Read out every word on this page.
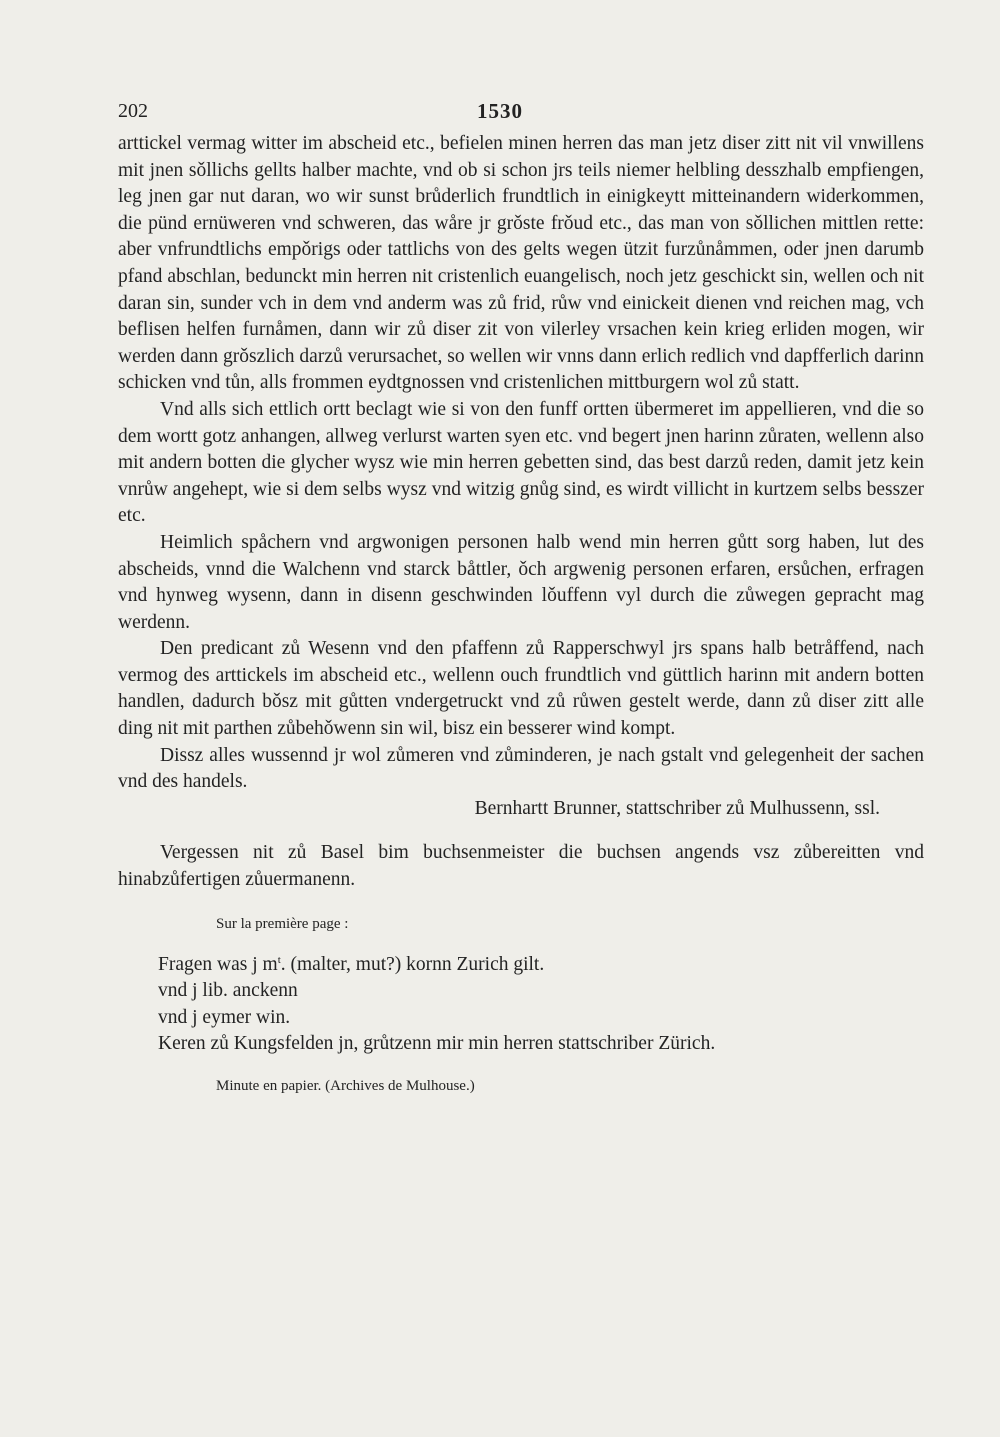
202	1530

arttickel vermag witter im abscheid etc., befielen minen herren das man jetz diser zitt nit vil vnwillens mit jnen sǒllichs gellts halber machte, vnd ob si schon jrs teils niemer helbling desszhalb empfiengen, leg jnen gar nut daran, wo wir sunst brůderlich frundtlich in einigkeytt mitteinandern widerkommen, die pünd ernüweren vnd schweren, das wåre jr grǒste frǒud etc., das man von sǒllichen mittlen rette: aber vnfrundtlichs empǒrigs oder tattlichs von des gelts wegen ützit furzůnåmmen, oder jnen darumb pfand abschlan, bedunckt min herren nit cristenlich euangelisch, noch jetz geschickt sin, wellen och nit daran sin, sunder vch in dem vnd anderm was zů frid, růw vnd einickeit dienen vnd reichen mag, vch beflisen helfen furnåmen, dann wir zů diser zit von vilerley vrsachen kein krieg erliden mogen, wir werden dann grǒszlich darzů verursachet, so wellen wir vnns dann erlich redlich vnd dapfferlich darinn schicken vnd tůn, alls frommen eydtgnossen vnd cristenlichen mittburgern wol zů statt.

Vnd alls sich ettlich ortt beclagt wie si von den funff ortten übermeret im appellieren, vnd die so dem wortt gotz anhangen, allweg verlurst warten syen etc. vnd begert jnen harinn zůraten, wellenn also mit andern botten die glycher wysz wie min herren gebetten sind, das best darzů reden, damit jetz kein vnrůw angehept, wie si dem selbs wysz vnd witzig gnůg sind, es wirdt villicht in kurtzem selbs besszer etc.

Heimlich spåchern vnd argwonigen personen halb wend min herren gůtt sorg haben, lut des abscheids, vnnd die Walchenn vnd starck båttler, ǒch argwenig personen erfaren, ersůchen, erfragen vnd hynweg wysenn, dann in disenn geschwinden lǒuffenn vyl durch die zůwegen gepracht mag werdenn.

Den predicant zů Wesenn vnd den pfaffenn zů Rapperschwyl jrs spans halb betråffend, nach vermog des arttickels im abscheid etc., wellenn ouch frundtlich vnd güttlich harinn mit andern botten handlen, dadurch bǒsz mit gůtten vndergetruckt vnd zů růwen gestelt werde, dann zů diser zitt alle ding nit mit parthen zůbehǒwenn sin wil, bisz ein besserer wind kompt.

Dissz alles wussennd jr wol zůmeren vnd zůminderen, je nach gstalt vnd gelegenheit der sachen vnd des handels.

Bernhartt Brunner, stattschriber zů Mulhussenn, ssl.

Vergessen nit zů Basel bim buchsenmeister die buchsen angends vsz zůbereitten vnd hinabzůfertigen zůuermanenn.

Sur la première page :

Fragen was j $m^t$. (malter, mut?) kornn Zurich gilt.
vnd j lib. anckenn
vnd j eymer win.
Keren zů Kungsfelden jn, grůtzenn mir min herren stattschriber Zürich.

Minute en papier. (Archives de Mulhouse.)
